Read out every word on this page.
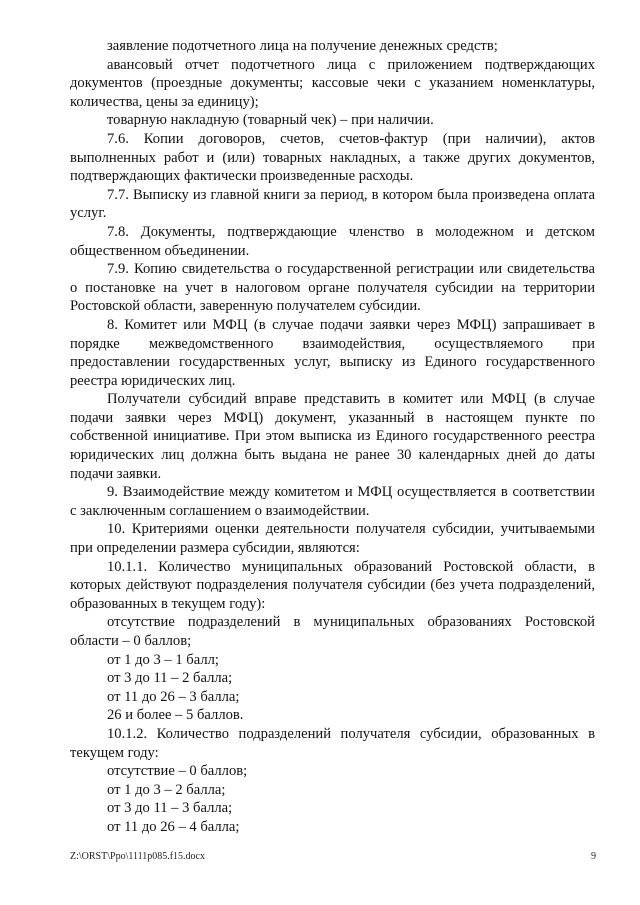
заявление подотчетного лица на получение денежных средств;

авансовый отчет подотчетного лица с приложением подтверждающих документов (проездные документы; кассовые чеки с указанием номенклатуры, количества, цены за единицу);

товарную накладную (товарный чек) – при наличии.

7.6. Копии договоров, счетов, счетов-фактур (при наличии), актов выполненных работ и (или) товарных накладных, а также других документов, подтверждающих фактически произведенные расходы.

7.7. Выписку из главной книги за период, в котором была произведена оплата услуг.

7.8. Документы, подтверждающие членство в молодежном и детском общественном объединении.

7.9. Копию свидетельства о государственной регистрации или свидетельства о постановке на учет в налоговом органе получателя субсидии на территории Ростовской области, заверенную получателем субсидии.

8. Комитет или МФЦ (в случае подачи заявки через МФЦ) запрашивает в порядке межведомственного взаимодействия, осуществляемого при предоставлении государственных услуг, выписку из Единого государственного реестра юридических лиц.

Получатели субсидий вправе представить в комитет или МФЦ (в случае подачи заявки через МФЦ) документ, указанный в настоящем пункте по собственной инициативе. При этом выписка из Единого государственного реестра юридических лиц должна быть выдана не ранее 30 календарных дней до даты подачи заявки.

9. Взаимодействие между комитетом и МФЦ осуществляется в соответствии с заключенным соглашением о взаимодействии.

10. Критериями оценки деятельности получателя субсидии, учитываемыми при определении размера субсидии, являются:

10.1.1. Количество муниципальных образований Ростовской области, в которых действуют подразделения получателя субсидии (без учета подразделений, образованных в текущем году):

отсутствие подразделений в муниципальных образованиях Ростовской области – 0 баллов;

от 1 до 3 – 1 балл;

от 3 до 11 – 2 балла;

от 11 до 26 – 3 балла;

26 и более – 5 баллов.

10.1.2. Количество подразделений получателя субсидии, образованных в текущем году:

отсутствие – 0 баллов;

от 1 до 3 – 2 балла;

от 3 до 11 – 3 балла;

от 11 до 26 – 4 балла;

Z:\ORST\Ppo\1111p085.f15.docx	9
